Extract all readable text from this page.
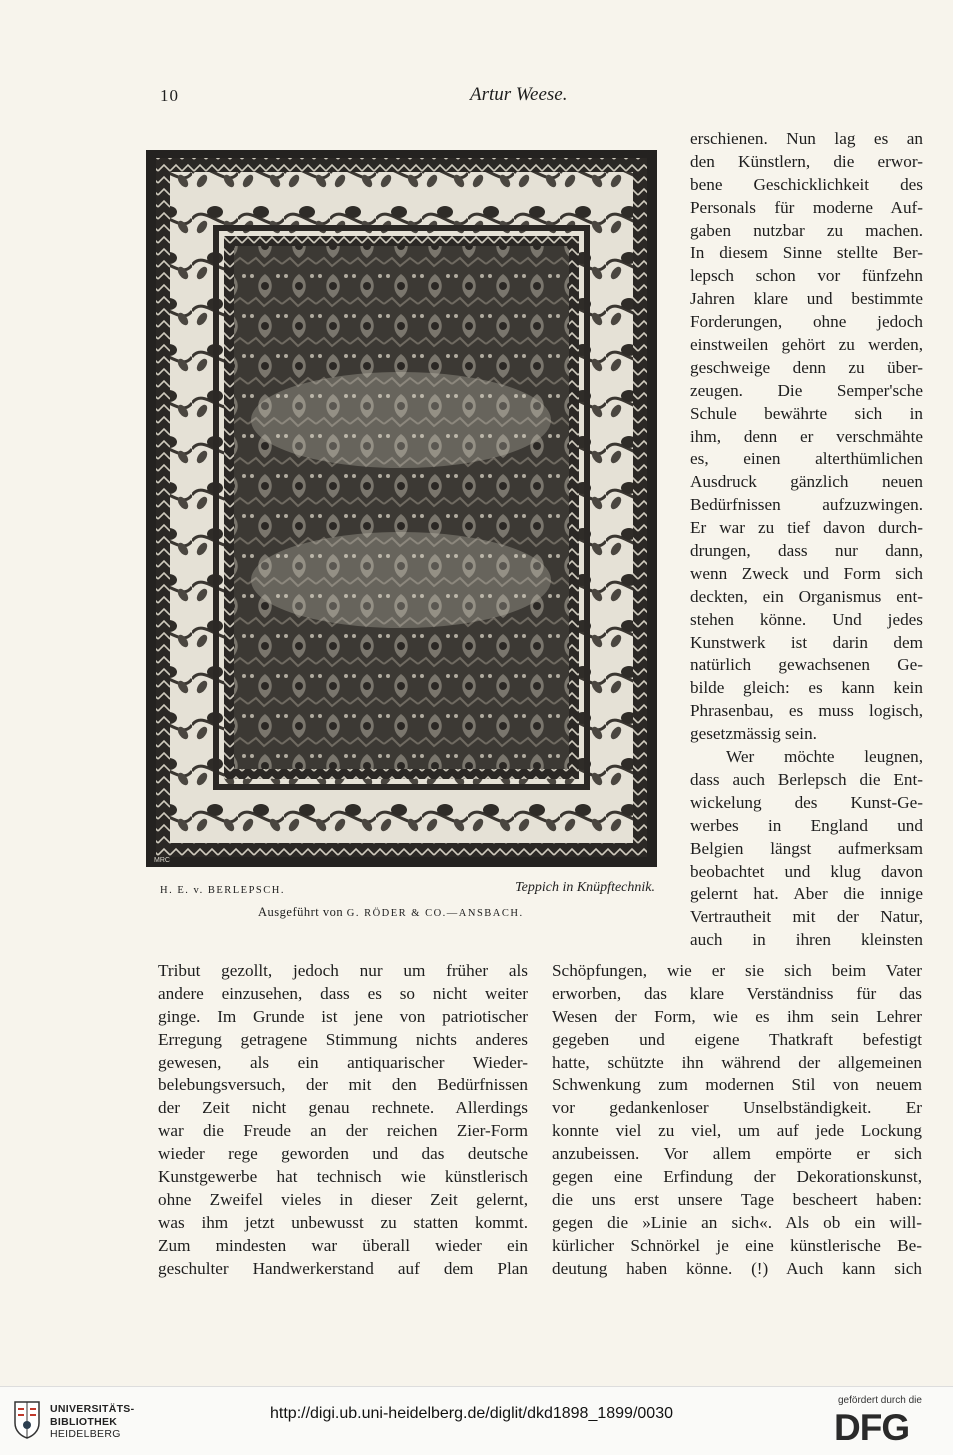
10	Artur Weese.
MRC
H. E. v. BERLEPSCH.	Teppich in Knüpftechnik.
Ausgeführt von G. RÖDER & CO.—ANSBACH.
erschienen. Nun lag es an
den Künstlern, die erwor-
bene Geschicklichkeit des
Personals für moderne Auf-
gaben nutzbar zu machen.
In diesem Sinne stellte Ber-
lepsch schon vor fünfzehn
Jahren klare und bestimmte
Forderungen, ohne jedoch
einstweilen gehört zu werden,
geschweige denn zu über-
zeugen. Die Semper'sche
Schule bewährte sich in
ihm, denn er verschmähte
es, einen alterthümlichen
Ausdruck gänzlich neuen
Bedürfnissen aufzuzwingen.
Er war zu tief davon durch-
drungen, dass nur dann,
wenn Zweck und Form sich
deckten, ein Organismus ent-
stehen könne. Und jedes
Kunstwerk ist darin dem
natürlich gewachsenen Ge-
bilde gleich: es kann kein
Phrasenbau, es muss logisch,
gesetzmässig sein.
Wer möchte leugnen,
dass auch Berlepsch die Ent-
wickelung des Kunst-Ge-
werbes in England und
Belgien längst aufmerksam
beobachtet und klug davon
gelernt hat. Aber die innige
Vertrautheit mit der Natur,
auch in ihren kleinsten
Tribut gezollt, jedoch nur um früher als
andere einzusehen, dass es so nicht weiter
ginge. Im Grunde ist jene von patriotischer
Erregung getragene Stimmung nichts anderes
gewesen, als ein antiquarischer Wieder-
belebungsversuch, der mit den Bedürfnissen
der Zeit nicht genau rechnete. Allerdings
war die Freude an der reichen Zier-Form
wieder rege geworden und das deutsche
Kunstgewerbe hat technisch wie künstlerisch
ohne Zweifel vieles in dieser Zeit gelernt,
was ihm jetzt unbewusst zu statten kommt.
Zum mindesten war überall wieder ein
geschulter Handwerkerstand auf dem Plan
Schöpfungen, wie er sie sich beim Vater
erworben, das klare Verständniss für das
Wesen der Form, wie es ihm sein Lehrer
gegeben und eigene Thatkraft befestigt
hatte, schützte ihn während der allgemeinen
Schwenkung zum modernen Stil von neuem
vor gedankenloser Unselbständigkeit. Er
konnte viel zu viel, um auf jede Lockung
anzubeissen. Vor allem empörte er sich
gegen eine Erfindung der Dekorationskunst,
die uns erst unsere Tage bescheert haben:
gegen die »Linie an sich«. Als ob ein will-
kürlicher Schnörkel je eine künstlerische Be-
deutung haben könne. (!) Auch kann sich
UNIVERSITÄTS-
BIBLIOTHEK
HEIDELBERG
http://digi.ub.uni-heidelberg.de/diglit/dkd1898_1899/0030
gefördert durch die
DFG
